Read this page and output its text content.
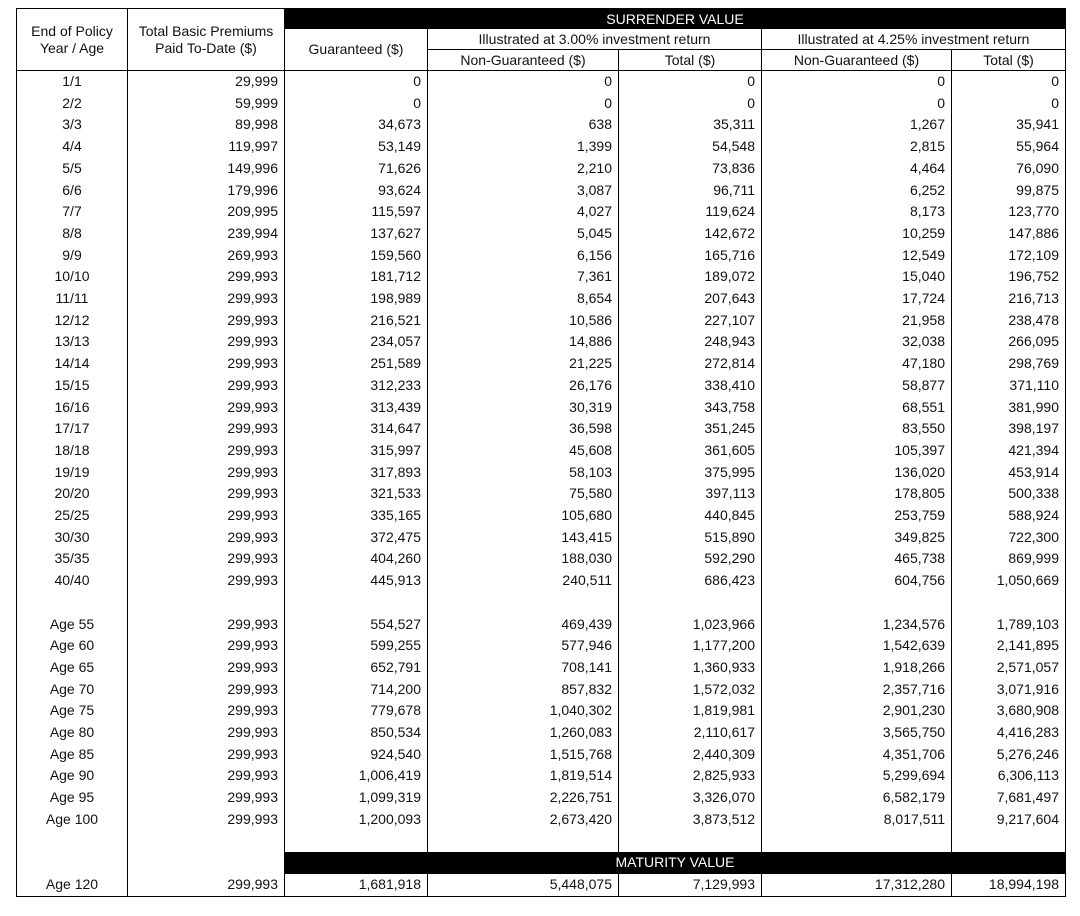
End of Policy Year / Age	Total Basic Premiums Paid To-Date ($)	SURRENDER VALUE				
		Guaranteed ($)	Illustrated at 3.00% investment return		Illustrated at 4.25% investment return	
			Non-Guaranteed ($)	Total ($)	Non-Guaranteed ($)	Total ($)
1/1	29,999	0	0	0	0	0
2/2	59,999	0	0	0	0	0
3/3	89,998	34,673	638	35,311	1,267	35,941
4/4	119,997	53,149	1,399	54,548	2,815	55,964
5/5	149,996	71,626	2,210	73,836	4,464	76,090
6/6	179,996	93,624	3,087	96,711	6,252	99,875
7/7	209,995	115,597	4,027	119,624	8,173	123,770
8/8	239,994	137,627	5,045	142,672	10,259	147,886
9/9	269,993	159,560	6,156	165,716	12,549	172,109
10/10	299,993	181,712	7,361	189,072	15,040	196,752
11/11	299,993	198,989	8,654	207,643	17,724	216,713
12/12	299,993	216,521	10,586	227,107	21,958	238,478
13/13	299,993	234,057	14,886	248,943	32,038	266,095
14/14	299,993	251,589	21,225	272,814	47,180	298,769
15/15	299,993	312,233	26,176	338,410	58,877	371,110
16/16	299,993	313,439	30,319	343,758	68,551	381,990
17/17	299,993	314,647	36,598	351,245	83,550	398,197
18/18	299,993	315,997	45,608	361,605	105,397	421,394
19/19	299,993	317,893	58,103	375,995	136,020	453,914
20/20	299,993	321,533	75,580	397,113	178,805	500,338
25/25	299,993	335,165	105,680	440,845	253,759	588,924
30/30	299,993	372,475	143,415	515,890	349,825	722,300
35/35	299,993	404,260	188,030	592,290	465,738	869,999
40/40	299,993	445,913	240,511	686,423	604,756	1,050,669

Age 55	299,993	554,527	469,439	1,023,966	1,234,576	1,789,103
Age 60	299,993	599,255	577,946	1,177,200	1,542,639	2,141,895
Age 65	299,993	652,791	708,141	1,360,933	1,918,266	2,571,057
Age 70	299,993	714,200	857,832	1,572,032	2,357,716	3,071,916
Age 75	299,993	779,678	1,040,302	1,819,981	2,901,230	3,680,908
Age 80	299,993	850,534	1,260,083	2,110,617	3,565,750	4,416,283
Age 85	299,993	924,540	1,515,768	2,440,309	4,351,706	5,276,246
Age 90	299,993	1,006,419	1,819,514	2,825,933	5,299,694	6,306,113
Age 95	299,993	1,099,319	2,226,751	3,326,070	6,582,179	7,681,497
Age 100	299,993	1,200,093	2,673,420	3,873,512	8,017,511	9,217,604

		MATURITY VALUE				
Age 120	299,993	1,681,918	5,448,075	7,129,993	17,312,280	18,994,198
